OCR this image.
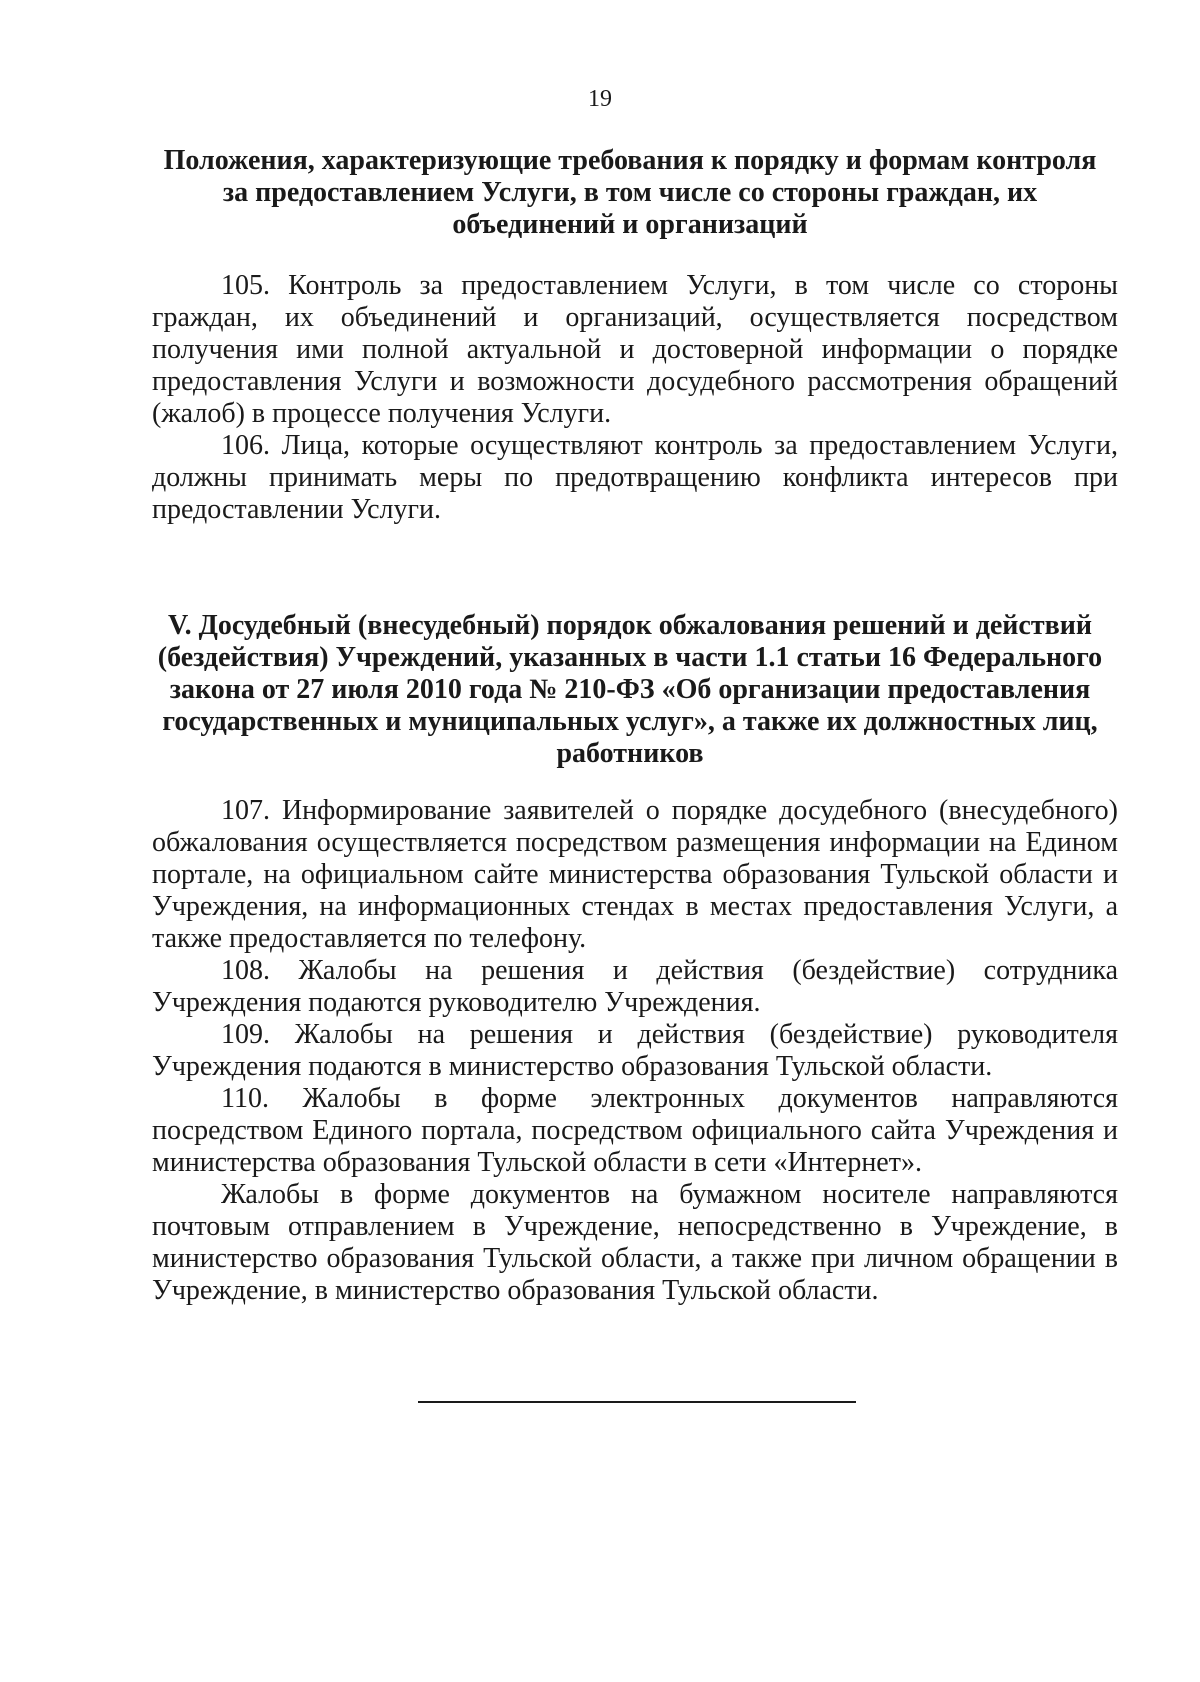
19
Положения, характеризующие требования к порядку и формам контроля
за предоставлением Услуги, в том числе со стороны граждан, их
объединений и организаций
105. Контроль за предоставлением Услуги, в том числе со стороны
граждан, их объединений и организаций, осуществляется посредством
получения ими полной актуальной и достоверной информации о порядке
предоставления Услуги и возможности досудебного рассмотрения обращений
(жалоб) в процессе получения Услуги.
106. Лица, которые осуществляют контроль за предоставлением Услуги,
должны принимать меры по предотвращению конфликта интересов при
предоставлении Услуги.
V. Досудебный (внесудебный) порядок обжалования решений и действий
(бездействия) Учреждений, указанных в части 1.1 статьи 16 Федерального
закона от 27 июля 2010 года № 210-ФЗ «Об организации предоставления
государственных и муниципальных услуг», а также их должностных лиц,
работников
107. Информирование заявителей о порядке досудебного (внесудебного)
обжалования осуществляется посредством размещения информации на Едином
портале, на официальном сайте министерства образования Тульской области и
Учреждения, на информационных стендах в местах предоставления Услуги, а
также предоставляется по телефону.
108. Жалобы на решения и действия (бездействие) сотрудника
Учреждения подаются руководителю Учреждения.
109. Жалобы на решения и действия (бездействие) руководителя
Учреждения подаются в министерство образования Тульской области.
110. Жалобы в форме электронных документов направляются
посредством Единого портала, посредством официального сайта Учреждения и
министерства образования Тульской области в сети «Интернет».
Жалобы в форме документов на бумажном носителе направляются
почтовым отправлением в Учреждение, непосредственно в Учреждение, в
министерство образования Тульской области, а также при личном обращении в
Учреждение, в министерство образования Тульской области.
